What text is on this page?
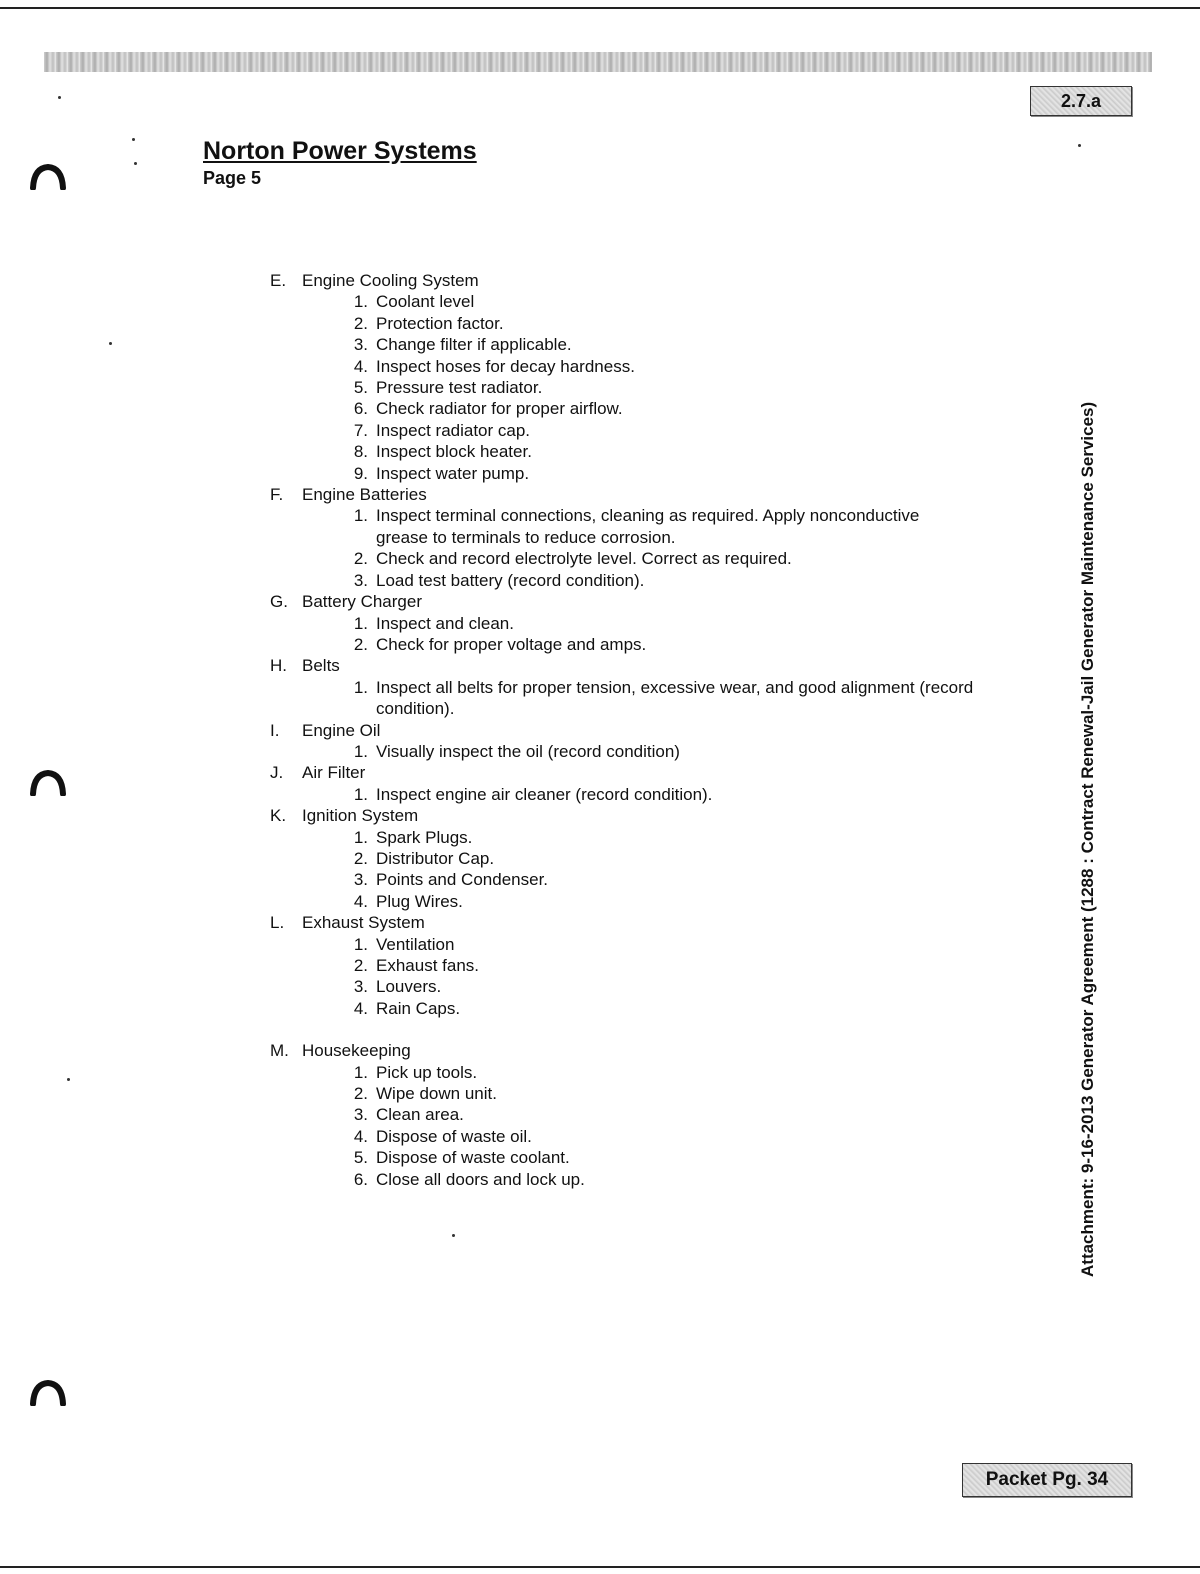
2.7.a
Norton Power Systems
Page 5
Attachment: 9-16-2013 Generator Agreement (1288 : Contract Renewal-Jail Generator Maintenance Services)
E. Engine Cooling System
1. Coolant level
2. Protection factor.
3. Change filter if applicable.
4. Inspect hoses for decay hardness.
5. Pressure test radiator.
6. Check radiator for proper airflow.
7. Inspect radiator cap.
8. Inspect block heater.
9. Inspect water pump.
F.	Engine Batteries
1. Inspect terminal connections, cleaning as required. Apply nonconductive grease to terminals to reduce corrosion.
2. Check and record electrolyte level. Correct as required.
3. Load test battery (record condition).
G. Battery Charger
1. Inspect and clean.
2. Check for proper voltage and amps.
H. Belts
1. Inspect all belts for proper tension, excessive wear, and good alignment (record condition).
I.	Engine Oil
1. Visually inspect the oil (record condition)
J.	Air Filter
1. Inspect engine air cleaner (record condition).
K. Ignition System
1. Spark Plugs.
2. Distributor Cap.
3. Points and Condenser.
4. Plug Wires.
L.	Exhaust System
1. Ventilation
2. Exhaust fans.
3. Louvers.
4. Rain Caps.
M. Housekeeping
1. Pick up tools.
2. Wipe down unit.
3. Clean area.
4. Dispose of waste oil.
5. Dispose of waste coolant.
6. Close all doors and lock up.
Packet Pg. 34
